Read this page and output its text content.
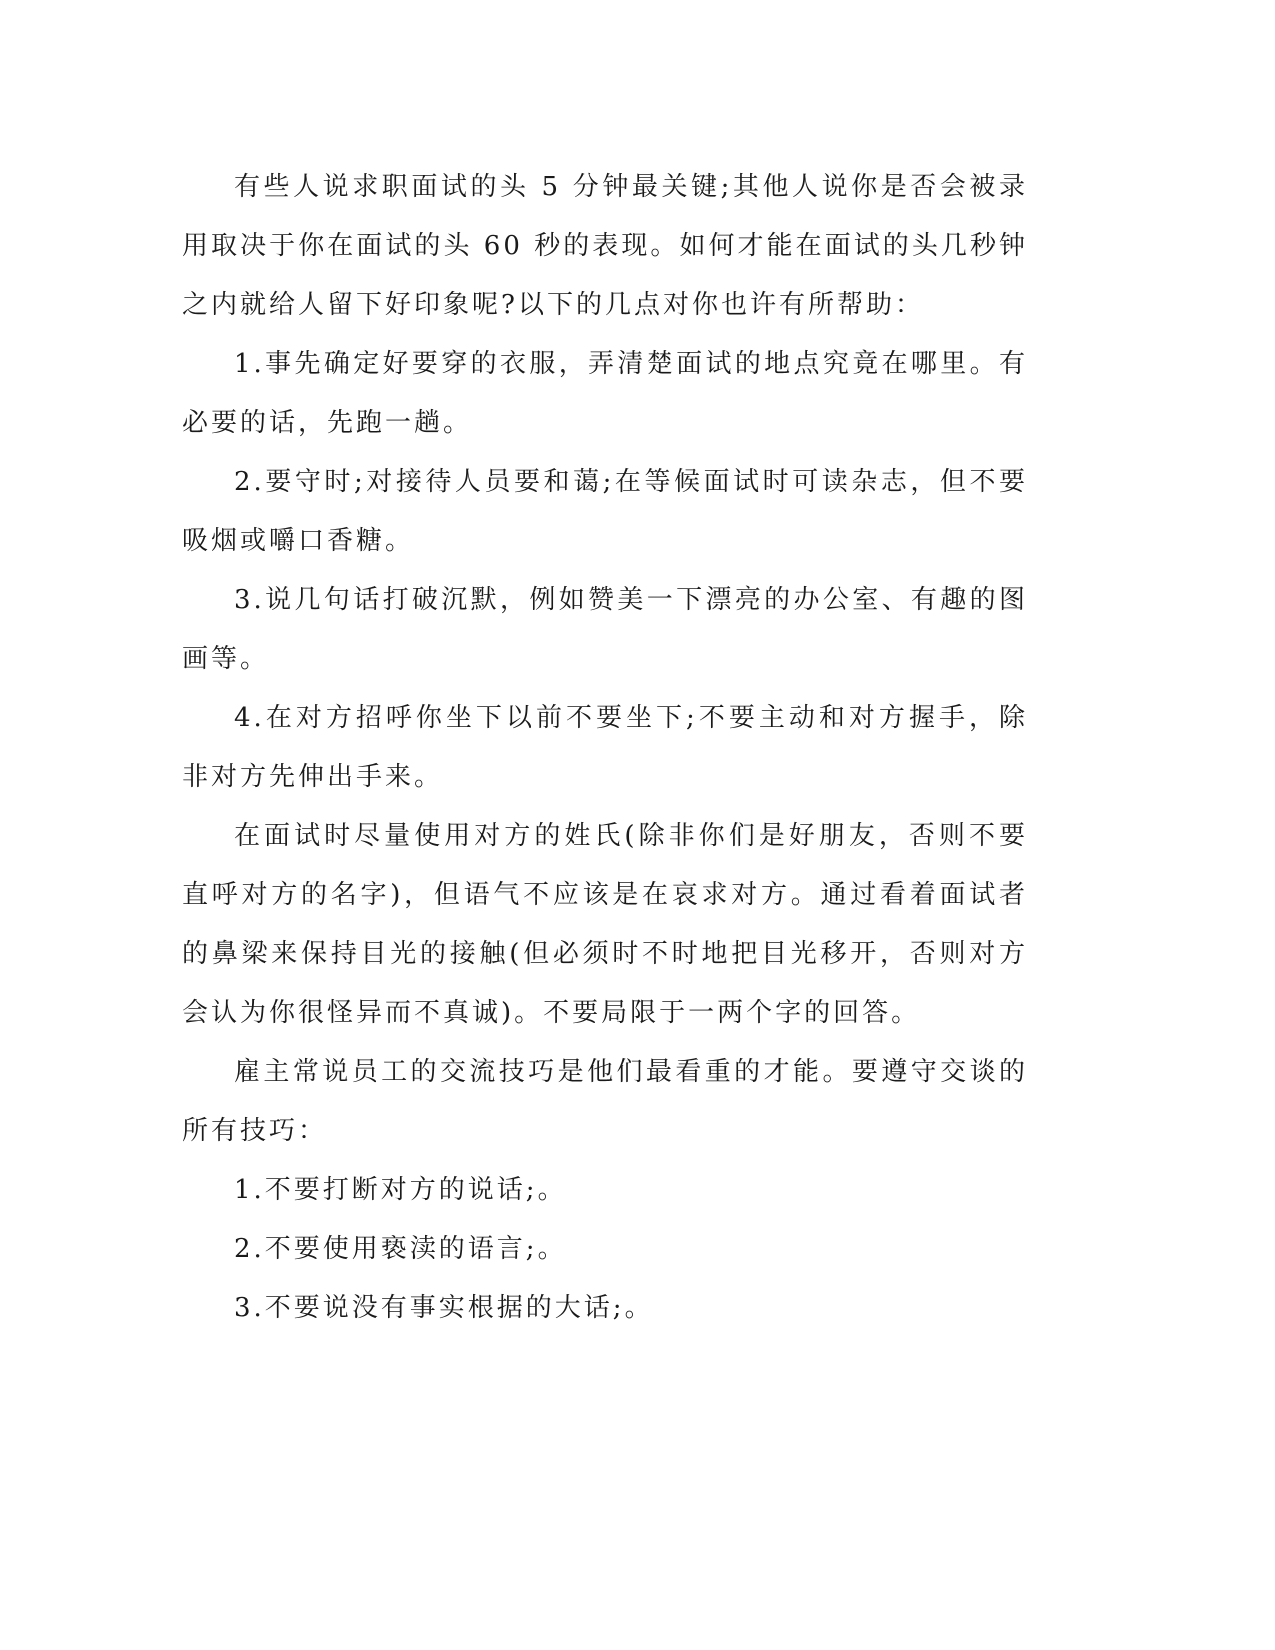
有些人说求职面试的头 5 分钟最关键;其他人说你是否会被录用取决于你在面试的头 60 秒的表现。如何才能在面试的头几秒钟之内就给人留下好印象呢?以下的几点对你也许有所帮助：

1.事先确定好要穿的衣服，弄清楚面试的地点究竟在哪里。有必要的话，先跑一趟。

2.要守时;对接待人员要和蔼;在等候面试时可读杂志，但不要吸烟或嚼口香糖。

3.说几句话打破沉默，例如赞美一下漂亮的办公室、有趣的图画等。

4.在对方招呼你坐下以前不要坐下;不要主动和对方握手，除非对方先伸出手来。

在面试时尽量使用对方的姓氏(除非你们是好朋友，否则不要直呼对方的名字)，但语气不应该是在哀求对方。通过看着面试者的鼻梁来保持目光的接触(但必须时不时地把目光移开，否则对方会认为你很怪异而不真诚)。不要局限于一两个字的回答。

雇主常说员工的交流技巧是他们最看重的才能。要遵守交谈的所有技巧：

1.不要打断对方的说话;。

2.不要使用亵渎的语言;。

3.不要说没有事实根据的大话;。
